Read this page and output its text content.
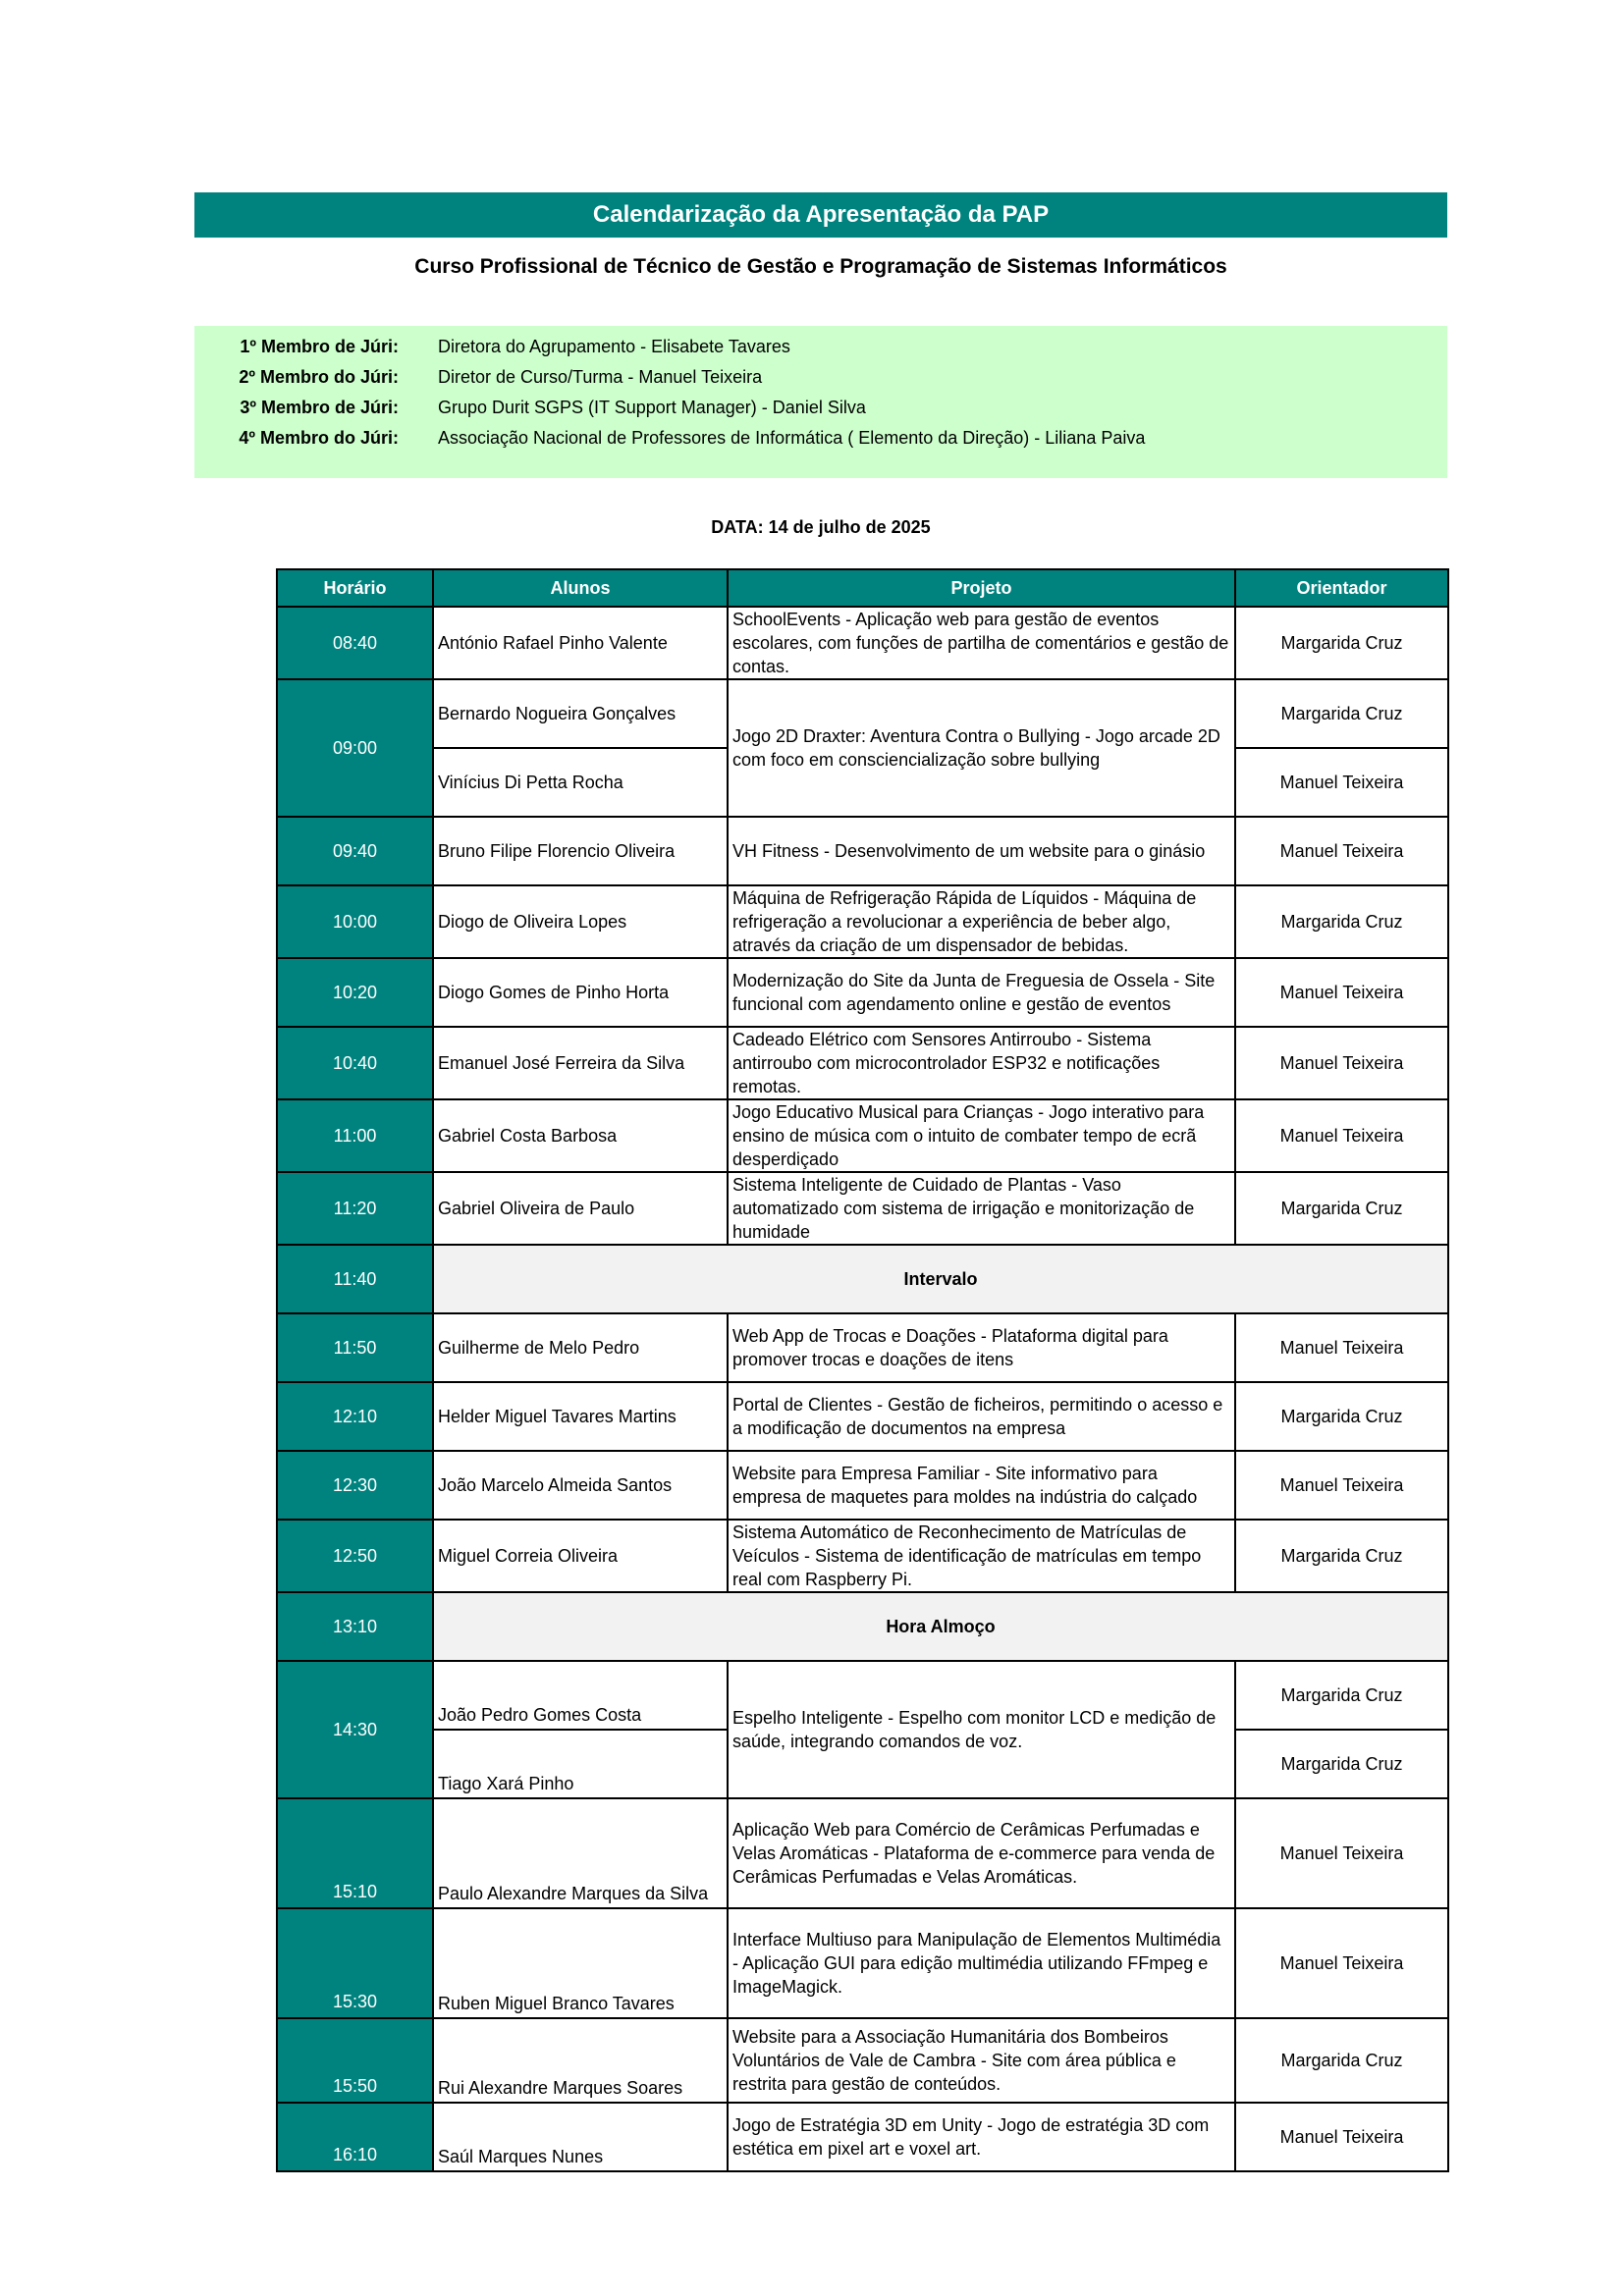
Calendarização da Apresentação da PAP
Curso Profissional de Técnico de Gestão e Programação de Sistemas Informáticos
1º Membro de Júri: Diretora do Agrupamento - Elisabete Tavares
2º Membro do Júri: Diretor de Curso/Turma - Manuel Teixeira
3º Membro de Júri: Grupo Durit SGPS (IT Support Manager) - Daniel Silva
4º Membro do Júri: Associação Nacional de Professores de Informática ( Elemento da Direção) - Liliana Paiva
DATA: 14 de julho de 2025
Horário	Alunos	Projeto	Orientador
08:40	António Rafael Pinho Valente	SchoolEvents - Aplicação web para gestão de eventos escolares, com funções de partilha de comentários e gestão de contas.	Margarida Cruz
09:00	Bernardo Nogueira Gonçalves	Jogo 2D Draxter: Aventura Contra o Bullying - Jogo arcade 2D com foco em consciencialização sobre bullying	Margarida Cruz
	Vinícius Di Petta Rocha		Manuel Teixeira
09:40	Bruno Filipe Florencio Oliveira	VH Fitness - Desenvolvimento de um website para o ginásio	Manuel Teixeira
10:00	Diogo de Oliveira Lopes	Máquina de Refrigeração Rápida de Líquidos - Máquina de refrigeração a revolucionar a experiência de beber algo, através da criação de um dispensador de bebidas.	Margarida Cruz
10:20	Diogo Gomes de Pinho Horta	Modernização do Site da Junta de Freguesia de Ossela - Site funcional com agendamento online e gestão de eventos	Manuel Teixeira
10:40	Emanuel José Ferreira da Silva	Cadeado Elétrico com Sensores Antirroubo - Sistema antirroubo com microcontrolador ESP32 e notificações remotas.	Manuel Teixeira
11:00	Gabriel Costa Barbosa	Jogo Educativo Musical para Crianças - Jogo interativo para ensino de música com o intuito de combater tempo de ecrã desperdiçado	Manuel Teixeira
11:20	Gabriel Oliveira de Paulo	Sistema Inteligente de Cuidado de Plantas - Vaso automatizado com sistema de irrigação e monitorização de humidade	Margarida Cruz
11:40	Intervalo		
11:50	Guilherme de Melo Pedro	Web App de Trocas e Doações - Plataforma digital para promover trocas e doações de itens	Manuel Teixeira
12:10	Helder Miguel Tavares Martins	Portal de Clientes - Gestão de ficheiros, permitindo o acesso e a modificação de documentos na empresa	Margarida Cruz
12:30	João Marcelo Almeida Santos	Website para Empresa Familiar - Site informativo para empresa de maquetes para moldes na indústria do calçado	Manuel Teixeira
12:50	Miguel Correia Oliveira	Sistema Automático de Reconhecimento de Matrículas de Veículos - Sistema de identificação de matrículas em tempo real com Raspberry Pi.	Margarida Cruz
13:10	Hora Almoço		
14:30	João Pedro Gomes Costa	Espelho Inteligente - Espelho com monitor LCD e medição de saúde, integrando comandos de voz.	Margarida Cruz
	Tiago Xará Pinho		Margarida Cruz
15:10	Paulo Alexandre Marques da Silva	Aplicação Web para Comércio de Cerâmicas Perfumadas e Velas Aromáticas - Plataforma de e-commerce para venda de Cerâmicas Perfumadas e Velas Aromáticas.	Manuel Teixeira
15:30	Ruben Miguel Branco Tavares	Interface Multiuso para Manipulação de Elementos Multimédia - Aplicação GUI para edição multimédia utilizando FFmpeg e ImageMagick.	Manuel Teixeira
15:50	Rui Alexandre Marques Soares	Website para a Associação Humanitária dos Bombeiros Voluntários de Vale de Cambra - Site com área pública e restrita para gestão de conteúdos.	Margarida Cruz
16:10	Saúl Marques Nunes	Jogo de Estratégia 3D em Unity - Jogo de estratégia 3D com estética em pixel art e voxel art.	Manuel Teixeira
